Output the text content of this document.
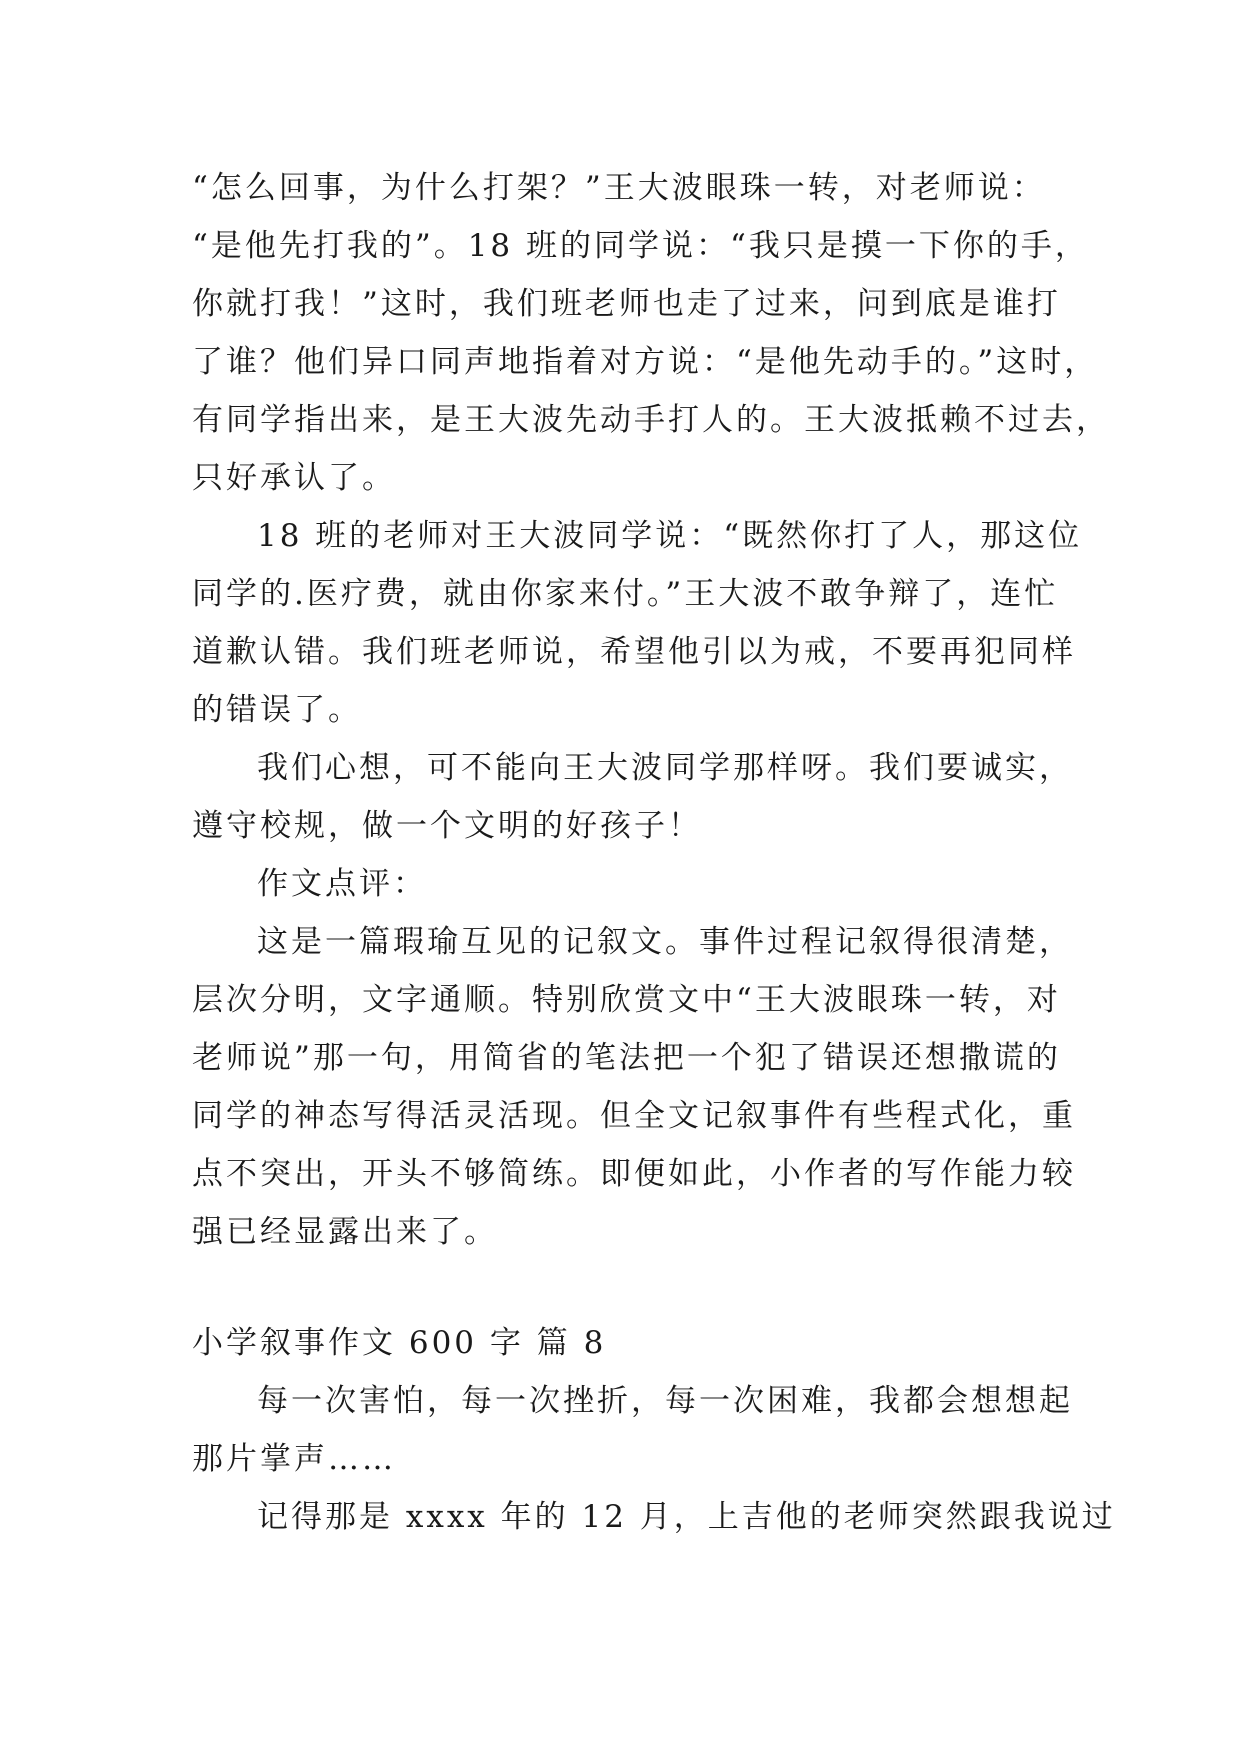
“怎么回事，为什么打架？”王大波眼珠一转，对老师说：
“是他先打我的”。18 班的同学说：“我只是摸一下你的手，
你就打我！”这时，我们班老师也走了过来，问到底是谁打
了谁？他们异口同声地指着对方说：“是他先动手的。”这时，
有同学指出来，是王大波先动手打人的。王大波抵赖不过去，
只好承认了。
18 班的老师对王大波同学说：“既然你打了人，那这位
同学的.医疗费，就由你家来付。”王大波不敢争辩了，连忙
道歉认错。我们班老师说，希望他引以为戒，不要再犯同样
的错误了。
我们心想，可不能向王大波同学那样呀。我们要诚实，
遵守校规，做一个文明的好孩子！
作文点评：
这是一篇瑕瑜互见的记叙文。事件过程记叙得很清楚，
层次分明，文字通顺。特别欣赏文中“王大波眼珠一转，对
老师说”那一句，用简省的笔法把一个犯了错误还想撒谎的
同学的神态写得活灵活现。但全文记叙事件有些程式化，重
点不突出，开头不够简练。即便如此，小作者的写作能力较
强已经显露出来了。
小学叙事作文 600 字 篇 8
每一次害怕，每一次挫折，每一次困难，我都会想想起
那片掌声……
记得那是 xxxx 年的 12 月，上吉他的老师突然跟我说过
